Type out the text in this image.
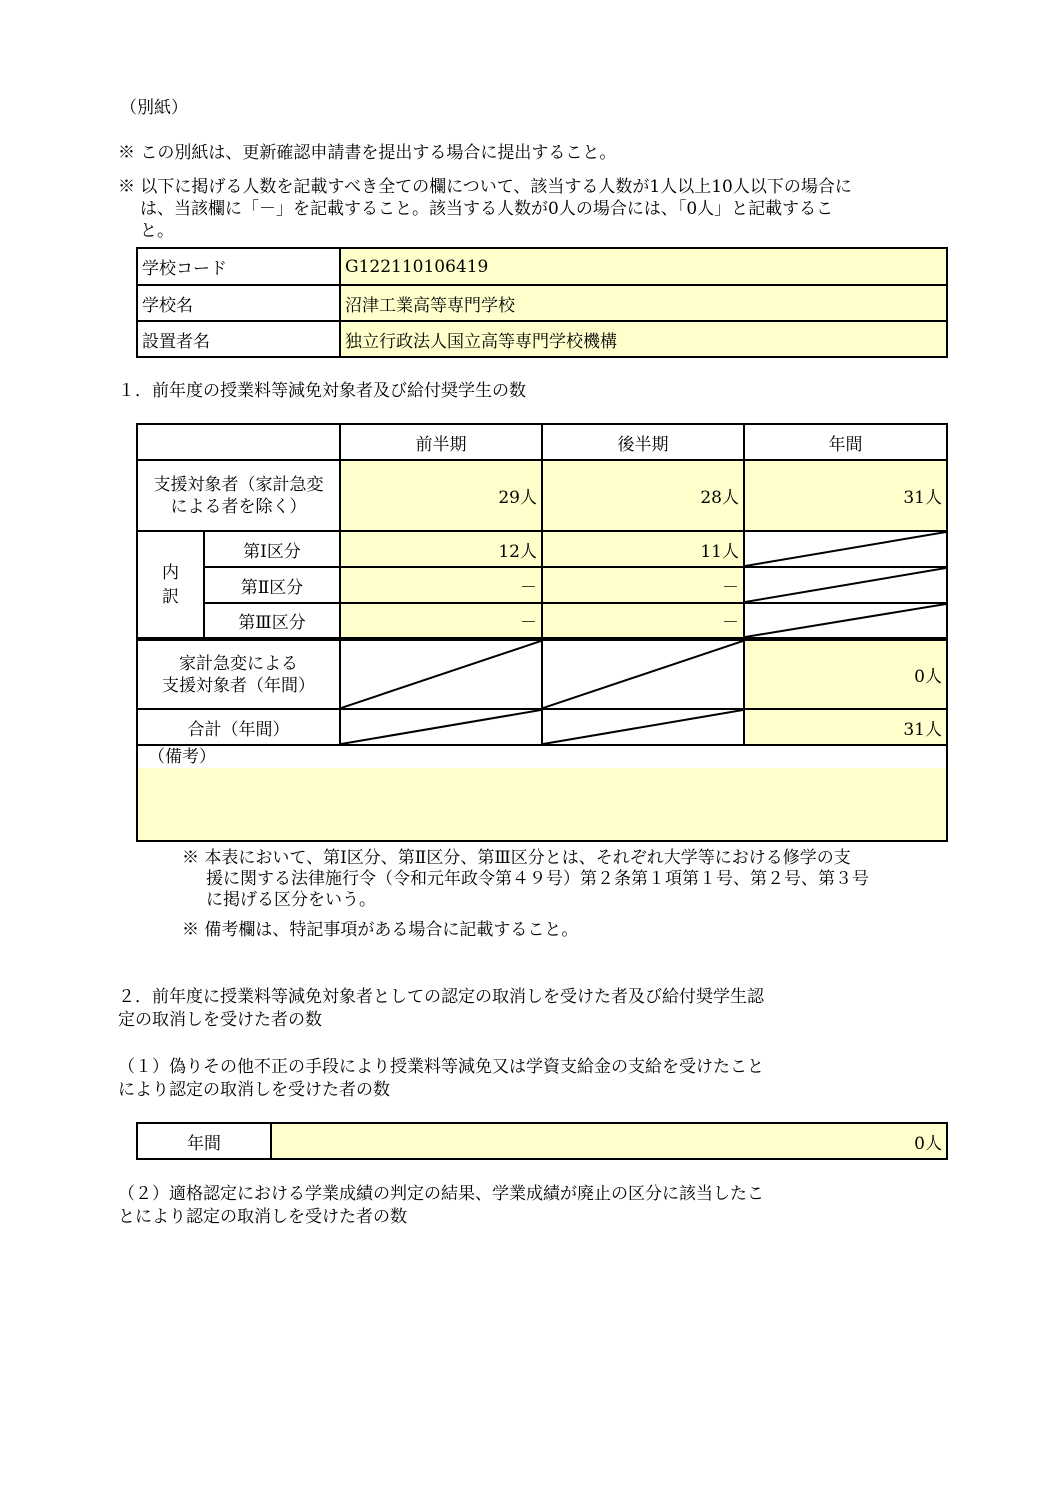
（別紙）
※ この別紙は、更新確認申請書を提出する場合に提出すること。
※ 以下に掲げる人数を記載すべき全ての欄について、該当する人数が1人以上10人以下の場合に
は、当該欄に「－」を記載すること。該当する人数が0人の場合には、「0人」と記載するこ
と。
学校コード	G122110106419
学校名	沼津工業高等専門学校
設置者名	独立行政法人国立高等専門学校機構
１．前年度の授業料等減免対象者及び給付奨学生の数
		前半期	後半期	年間

支援対象者（家計急変
による者を除く）		29人	28人	31人

内
訳	第Ⅰ区分	12人	11人	

	第Ⅱ区分	－	－	

	第Ⅲ区分	－	－	

家計急変による
支援対象者（年間）				0人
合計（年間）				31人

（備考）				
※ 本表において、第Ⅰ区分、第Ⅱ区分、第Ⅲ区分とは、それぞれ大学等における修学の支
援に関する法律施行令（令和元年政令第４９号）第２条第１項第１号、第２号、第３号
に掲げる区分をいう。
※ 備考欄は、特記事項がある場合に記載すること。
２．前年度に授業料等減免対象者としての認定の取消しを受けた者及び給付奨学生認
定の取消しを受けた者の数
（１）偽りその他不正の手段により授業料等減免又は学資支給金の支給を受けたこと
により認定の取消しを受けた者の数
年間	0人
（２）適格認定における学業成績の判定の結果、学業成績が廃止の区分に該当したこ
とにより認定の取消しを受けた者の数
